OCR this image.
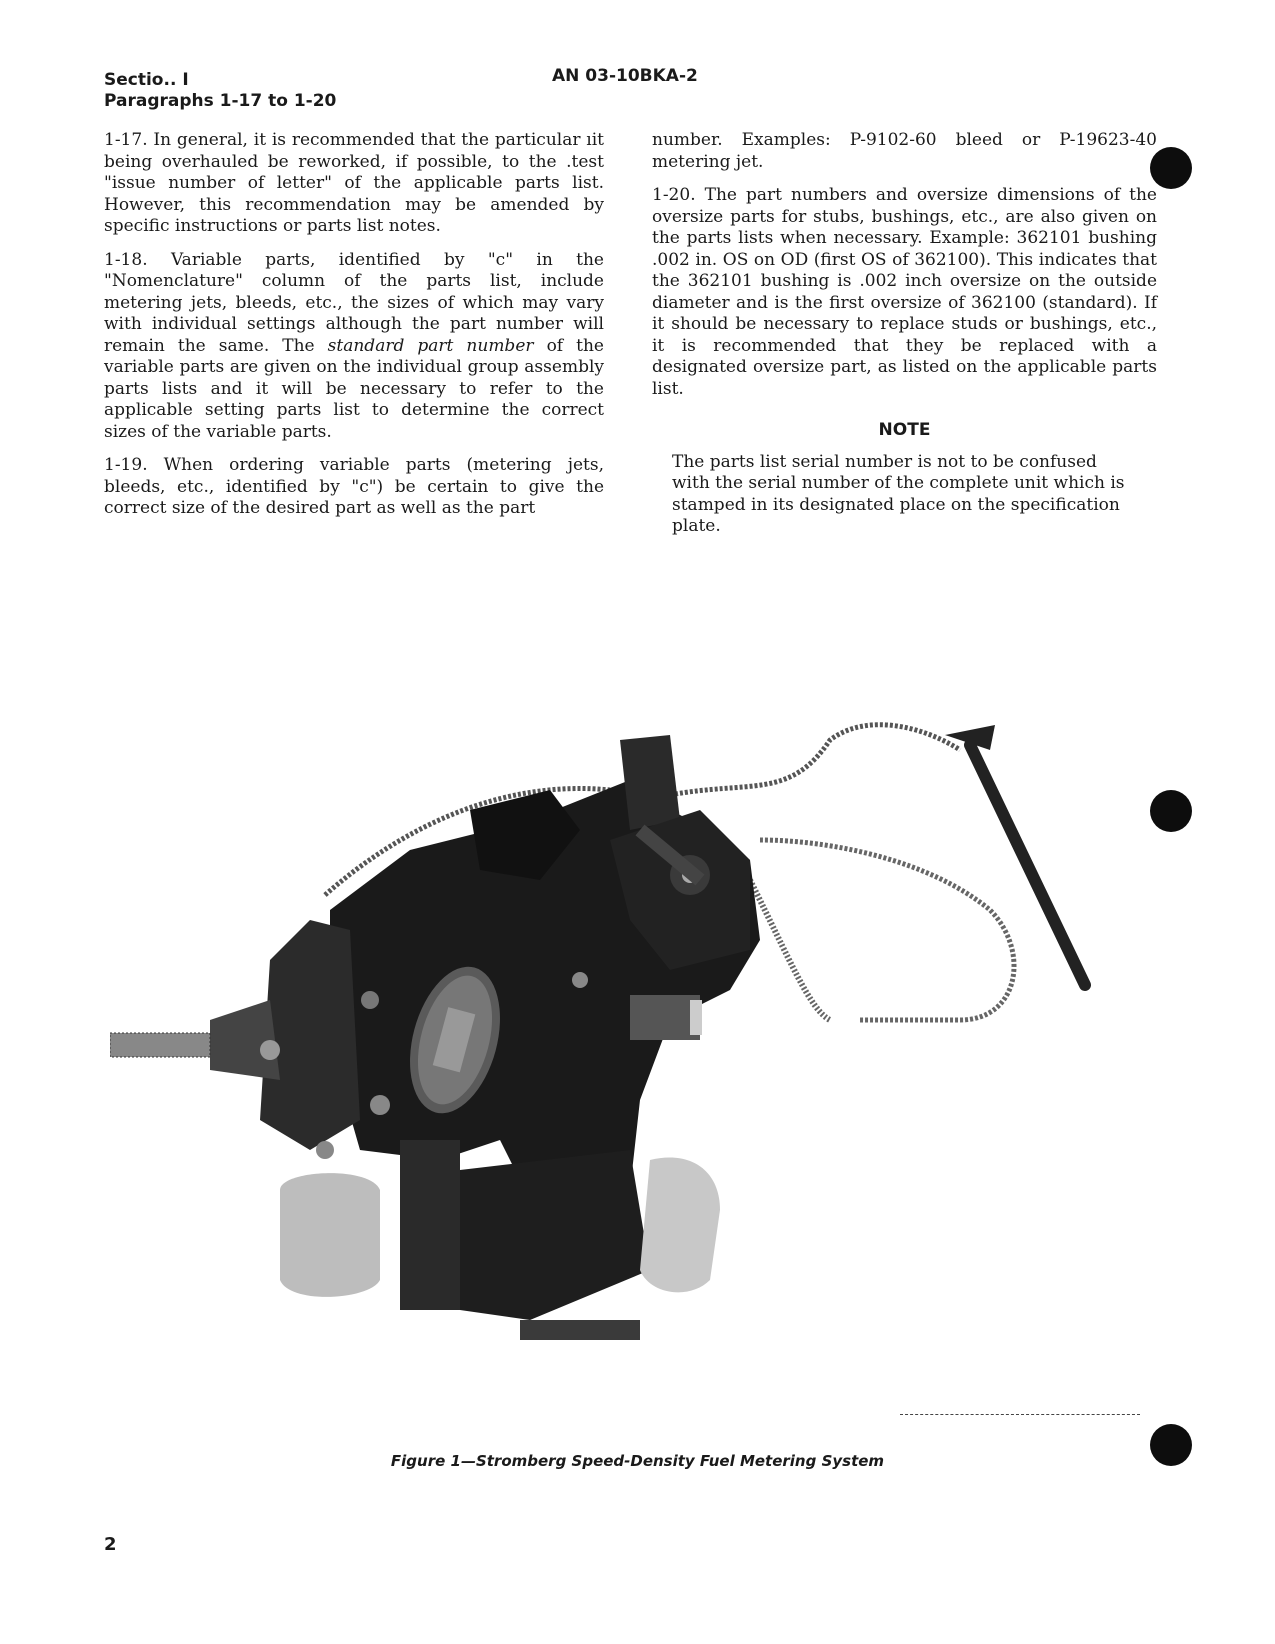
Sectio.. I
Paragraphs 1-17 to 1-20
AN 03-10BKA-2

1-17. In general, it is recommended that the particular ıit being overhauled be reworked, if possible, to the .test "issue number of letter" of the applicable parts list. However, this recommendation may be amended by specific instructions or parts list notes.

1-18. Variable parts, identified by "c" in the "Nomenclature" column of the parts list, include metering jets, bleeds, etc., the sizes of which may vary with individual settings although the part number will remain the same. The standard part number of the variable parts are given on the individual group assembly parts lists and it will be necessary to refer to the applicable setting parts list to determine the correct sizes of the variable parts.

1-19. When ordering variable parts (metering jets, bleeds, etc., identified by "c") be certain to give the correct size of the desired part as well as the part

number. Examples: P-9102-60 bleed or P-19623-40 metering jet.

1-20. The part numbers and oversize dimensions of the oversize parts for stubs, bushings, etc., are also given on the parts lists when necessary. Example: 362101 bushing .002 in. OS on OD (first OS of 362100). This indicates that the 362101 bushing is .002 inch oversize on the outside diameter and is the first oversize of 362100 (standard). If it should be necessary to replace studs or bushings, etc., it is recommended that they be replaced with a designated oversize part, as listed on the applicable parts list.

NOTE
The parts list serial number is not to be confused with the serial number of the complete unit which is stamped in its designated place on the specification plate.
Figure 1—Stromberg Speed-Density Fuel Metering System
2
